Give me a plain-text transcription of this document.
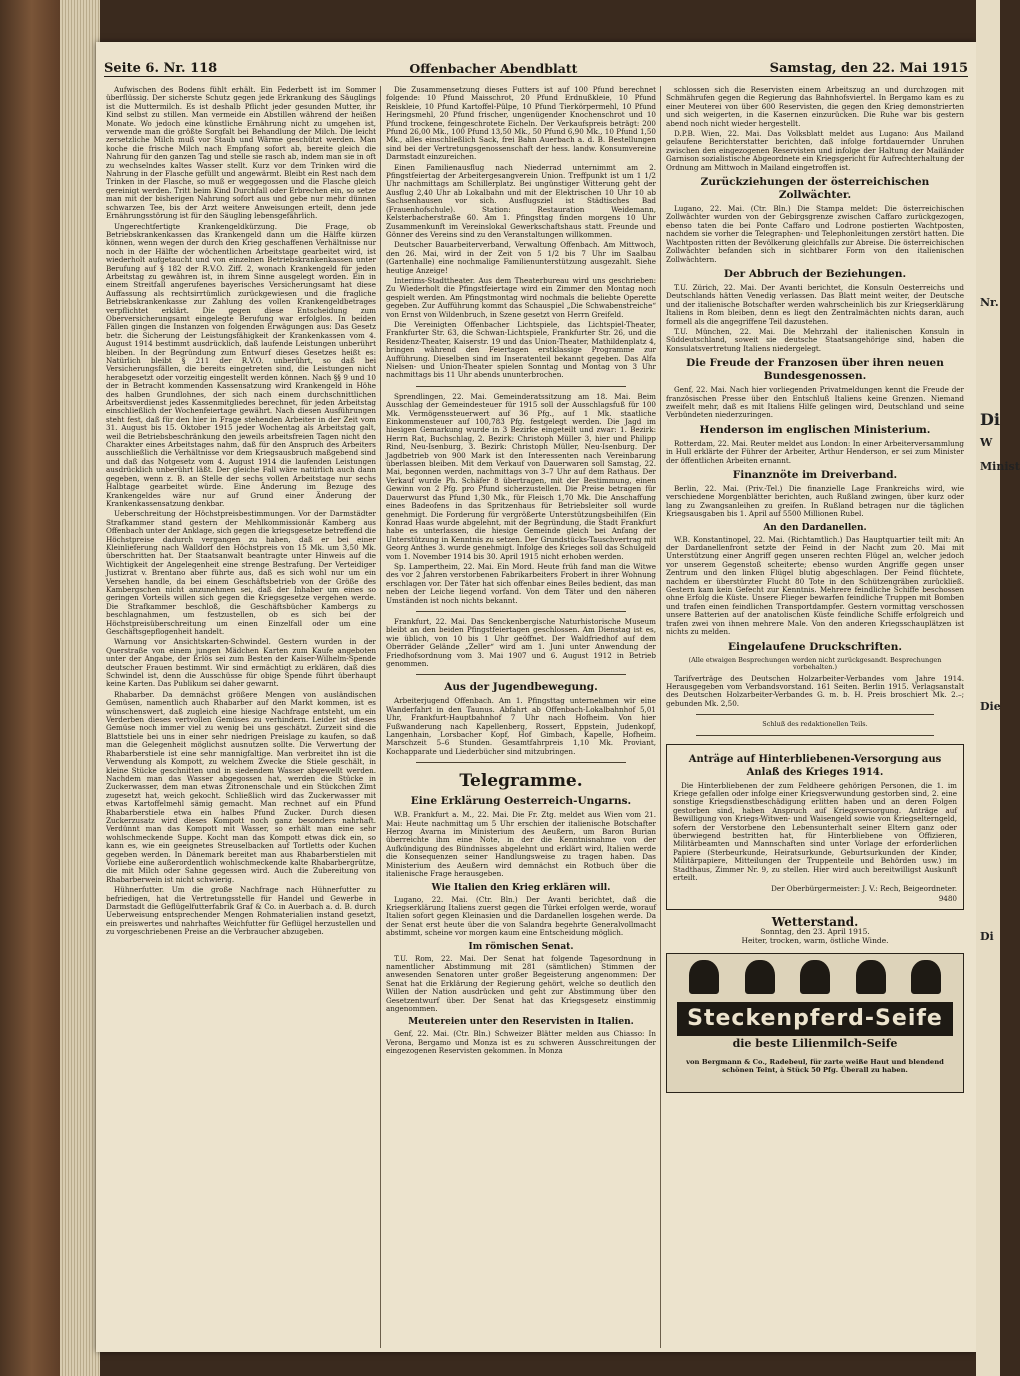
Seite 6. Nr. 118	Offenbacher Abendblatt	Samstag, den 22. Mai 1915

Aufwischen des Bodens fühlt erhält. Ein Federbett ist im Sommer überflüssig. Der sicherste Schutz gegen jede Erkrankung des Säuglings ist die Muttermilch. Es ist deshalb Pflicht jeder gesunden Mutter, ihr Kind selbst zu stillen. Man vermeide ein Abstillen während der heißen Monate. Wo jedoch eine künstliche Ernährung nicht zu umgehen ist, verwende man die größte Sorgfalt bei Behandlung der Milch. Die leicht zersetzliche Milch muß vor Staub und Wärme geschützt werden. Man koche die frische Milch nach Empfang sofort ab, bereite gleich die Nahrung für den ganzen Tag und stelle sie rasch ab, indem man sie in oft zu wechselndes kaltes Wasser stellt. Kurz vor dem Trinken wird die Nahrung in der Flasche gefüllt und angewärmt. Bleibt ein Rest nach dem Trinken in der Flasche, so muß er weggegossen und die Flasche gleich gereinigt werden. Tritt beim Kind Durchfall oder Erbrechen ein, so setze man mit der bisherigen Nahrung sofort aus und gebe nur mehr dünnen schwarzen Tee, bis der Arzt weitere Anweisungen erteilt, denn jede Ernährungsstörung ist für den Säugling lebensgefährlich.

Ungerechtfertigte Krankengeldkürzung. Die Frage, ob Betriebskrankenkassen das Krankengeld dann um die Hälfte kürzen können, wenn wegen der durch den Krieg geschaffenen Verhältnisse nur noch in der Hälfte der wöchentlichen Arbeitstage gearbeitet wird, ist wiederholt aufgetaucht und von einzelnen Betriebskrankenkassen unter Berufung auf § 182 der R.V.O. Ziff. 2, wonach Krankengeld für jeden Arbeitstag zu gewähren ist, in ihrem Sinne ausgelegt worden. Ein in einem Streitfall angerufenes bayerisches Versicherungsamt hat diese Auffassung als rechtsirrtümlich zurückgewiesen und die fragliche Betriebskrankenkasse zur Zahlung des vollen Krankengeldbetrages verpflichtet erklärt. Die gegen diese Entscheidung zum Oberversicherungsamt eingelegte Berufung war erfolglos. In beiden Fällen gingen die Instanzen von folgenden Erwägungen aus: Das Gesetz betr. die Sicherung der Leistungsfähigkeit der Krankenkassen vom 4. August 1914 bestimmt ausdrücklich, daß laufende Leistungen unberührt bleiben. In der Begründung zum Entwurf dieses Gesetzes heißt es: Natürlich bleibt § 211 der R.V.O. unberührt, so daß bei Versicherungsfällen, die bereits eingetreten sind, die Leistungen nicht herabgesetzt oder vorzeitig eingestellt werden können. Nach §§ 9 und 10 der in Betracht kommenden Kassensatzung wird Krankengeld in Höhe des halben Grundlohnes, der sich nach einem durchschnittlichen Arbeitsverdienst jedes Kassenmitgliedes berechnet, für jeden Arbeitstag einschließlich der Wochenfeiertage gewährt. Nach diesen Ausführungen steht fest, daß für den hier in Frage stehenden Arbeiter in der Zeit vom 31. August bis 15. Oktober 1915 jeder Wochentag als Arbeitstag galt, weil die Betriebsbeschränkung den jeweils arbeitsfreien Tagen nicht den Charakter eines Arbeitstages nahm, daß für den Anspruch des Arbeiters ausschließlich die Verhältnisse vor dem Kriegsausbruch maßgebend sind und daß das Notgesetz vom 4. August 1914 die laufenden Leistungen ausdrücklich unberührt läßt. Der gleiche Fall wäre natürlich auch dann gegeben, wenn z. B. an Stelle der sechs vollen Arbeitstage nur sechs Halbtage gearbeitet würde. Eine Änderung im Bezuge des Krankengeldes wäre nur auf Grund einer Änderung der Krankenkassensatzung denkbar.

Ueberschreitung der Höchstpreisbestimmungen. Vor der Darmstädter Strafkammer stand gestern der Mehlkommissionär Kamberg aus Offenbach unter der Anklage, sich gegen die kriegsgesetze betreffend die Höchstpreise dadurch vergangen zu haben, daß er bei einer Kleinlieferung nach Walldorf den Höchstpreis von 15 Mk. um 3,50 Mk. überschritten hat. Der Staatsanwalt beantragte unter Hinweis auf die Wichtigkeit der Angelegenheit eine strenge Bestrafung. Der Verteidiger Justizrat v. Brentano aber führte aus, daß es sich wohl nur um ein Versehen handle, da bei einem Geschäftsbetrieb von der Größe des Kambergschen nicht anzunehmen sei, daß der Inhaber um eines so geringen Vorteils willen sich gegen die Kriegsgesetze vergehen werde. Die Strafkammer beschloß, die Geschäftsbücher Kambergs zu beschlagnahmen, um festzustellen, ob es sich bei der Höchstpreisüberschreitung um einen Einzelfall oder um eine Geschäftsgepflogenheit handelt.

Warnung vor Ansichtskarten-Schwindel. Gestern wurden in der Querstraße von einem jungen Mädchen Karten zum Kaufe angeboten unter der Angabe, der Erlös sei zum Besten der Kaiser-Wilhelm-Spende deutscher Frauen bestimmt. Wir sind ermächtigt zu erklären, daß dies Schwindel ist, denn die Ausschüsse für obige Spende führt überhaupt keine Karten. Das Publikum sei daher gewarnt.

Rhabarber. Da demnächst größere Mengen von ausländischen Gemüsen, namentlich auch Rhabarber auf den Markt kommen, ist es wünschenswert, daß zugleich eine hiesige Nachfrage entsteht, um ein Verderben dieses vertvollen Gemüses zu verhindern. Leider ist dieses Gemüse noch immer viel zu wenig bei uns geschätzt. Zurzeit sind die Blattstiele bei uns in einer sehr niedrigen Preislage zu kaufen, so daß man die Gelegenheit möglichst ausnutzen sollte. Die Verwertung der Rhabarberstiele ist eine sehr mannigfaltige. Man verbreitet ihn ist die Verwendung als Kompott, zu welchem Zwecke die Stiele geschält, in kleine Stücke geschnitten und in siedendem Wasser abgewellt werden. Nachdem man das Wasser abgegossen hat, werden die Stücke in Zuckerwasser, dem man etwas Zitronenschale und ein Stückchen Zimt zugesetzt hat, weich gekocht. Schließlich wird das Zuckerwasser mit etwas Kartoffelmehl sämig gemacht. Man rechnet auf ein Pfund Rhabarberstiele etwa ein halbes Pfund Zucker. Durch diesen Zuckerzusatz wird dieses Kompott noch ganz besonders nahrhaft. Verdünnt man das Kompott mit Wasser, so erhält man eine sehr wohlschmeckende Suppe. Kocht man das Kompott etwas dick ein, so kann es, wie ein geeignetes Streuselbacken auf Tortletts oder Kuchen gegeben werden. In Dänemark bereitet man aus Rhabarberstielen mit Vorliebe eine außerordentlich wohlschmeckende kalte Rhabarbergrütze, die mit Milch oder Sahne gegessen wird. Auch die Zubereitung von Rhabarberwein ist nicht schwierig.

Hühnerfutter. Um die große Nachfrage nach Hühnerfutter zu befriedigen, hat die Vertretungsstelle für Handel und Gewerbe in Darmstadt die Geflügelfutterfabrik Graf & Co. in Auerbach a. d. B. durch Ueberweisung entsprechender Mengen Rohmaterialien instand gesetzt, ein preiswertes und nahrhaftes Weichfutter für Geflügel herzustellen und zu vorgeschriebenen Preise an die Verbraucher abzugeben.

Die Zusammensetzung dieses Futters ist auf 100 Pfund berechnet folgende: 10 Pfund Maisschrot, 20 Pfund Erdnußkleie, 10 Pfund Reiskleie, 10 Pfund Kartoffel-Pülpe, 10 Pfund Tierkörpermehl, 10 Pfund Heringsmehl, 20 Pfund frischer, ungenügender Knochenschrot und 10 Pfund trockene, feingeschrotete Eicheln. Der Verkaufspreis beträgt: 200 Pfund 26,00 Mk., 100 Pfund 13,50 Mk., 50 Pfund 6,90 Mk., 10 Pfund 1,50 Mk., alles einschließlich Sack, frei Bahn Auerbach a. d. B. Bestellungen sind bei der Vertretungsgenossenschaft der hess. landw. Konsumvereine Darmstadt einzureichen.

Einen Familienausflug nach Niederrad unternimmt am 2. Pfingstfeiertag der Arbeitergesangverein Union. Treffpunkt ist um 1 1/2 Uhr nachmittags am Schillerplatz. Bei ungünstiger Witterung geht der Ausflug 2,40 Uhr ab Lokalbahn und mit der Elektrischen 10 Uhr 10 ab Sachsenhausen vor sich. Ausflugsziel ist Städtisches Bad (Frauenhofschule). Station: Restauration Weidemann, Kelsterbacherstraße 60. Am 1. Pfingsttag finden morgens 10 Uhr Zusammenkunft im Vereinslokal Gewerkschaftshaus statt. Freunde und Gönner des Vereins sind zu den Veranstaltungen willkommen.

Deutscher Bauarbeiterverband, Verwaltung Offenbach. Am Mittwoch, den 26. Mai, wird in der Zeit von 5 1/2 bis 7 Uhr im Saalbau (Gartenhalle) eine nochmalige Familienunterstützung ausgezahlt. Siehe heutige Anzeige!

Interims-Stadttheater. Aus dem Theaterbureau wird uns geschrieben: Zu Wiederholt die Pfingstfeiertage wird ein Zimmer den Montag noch gespielt werden. Am Pfingstmontag wird nochmals die beliebte Operette gegeben. Zur Aufführung kommt das Schauspiel „Die Schwabenstreiche“ von Ernst von Wildenbruch, in Szene gesetzt von Herrn Greifeld.

Die Vereinigten Offenbacher Lichtspiele, das Lichtspiel-Theater, Frankfurter Str. 63, die Schwan-Lichtspiele, Frankfurter Str. 26, und die Residenz-Theater, Kaiserstr. 19 und das Union-Theater, Mathildenplatz 4, bringen während den Feiertagen erstklassige Programme zur Aufführung. Dieselben sind im Inseratenteil bekannt gegeben. Das Alfa Nielsen- und Union-Theater spielen Sonntag und Montag von 3 Uhr nachmittags bis 11 Uhr abends ununterbrochen.

Sprendlingen, 22. Mai. Gemeinderatssitzung am 18. Mai. Beim Ausschlag der Gemeindesteuer für 1915 soll der Ausschlagsfuß für 100 Mk. Vermögenssteuerwert auf 36 Pfg., auf 1 Mk. staatliche Einkommensteuer auf 100,783 Pfg. festgelegt werden. Die Jagd im hiesigen Gemarkung wurde in 3 Bezirke eingeteilt und zwar: 1. Bezirk: Herrn Rat, Buchschlag, 2. Bezirk: Christoph Müller 3, hier und Philipp Rind, Neu-Isenburg, 3. Bezirk: Christoph Müller, Neu-Isenburg. Der Jagdbetrieb von 900 Mark ist den Interessenten nach Vereinbarung überlassen bleiben. Mit dem Verkauf von Dauerwaren soll Samstag, 22. Mai, begonnen werden, nachmittags von 3–7 Uhr auf dem Rathaus. Der Verkauf wurde Ph. Schäfer 8 übertragen, mit der Bestimmung, einen Gewinn von 2 Pfg. pro Pfund sicherzustellen. Die Preise betragen für Dauerwurst das Pfund 1,30 Mk., für Fleisch 1,70 Mk. Die Anschaffung eines Badeofens in das Spritzenhaus für Betriebsleiter soll wurde genehmigt. Die Forderung für vergrößerte Unterstützungsbeihilfen (Ein Konrad Haas wurde abgelehnt, mit der Begründung, die Stadt Frankfurt habe es unterlassen, die hiesige Gemeinde gleich bei Anfang der Unterstützung in Kenntnis zu setzen. Der Grundstücks-Tauschvertrag mit Georg Anthes 3. wurde genehmigt. Infolge des Krieges soll das Schulgeld vom 1. November 1914 bis 30. April 1915 nicht erhoben werden.

Sp. Lampertheim, 22. Mai. Ein Mord. Heute früh fand man die Witwe des vor 2 Jahren verstorbenen Fabrikarbeiters Frobert in ihrer Wohnung erschlagen vor. Der Täter hat sich offenbar eines Beiles bedient, das man neben der Leiche liegend vorfand. Von dem Täter und den näheren Umständen ist noch nichts bekannt.

Frankfurt, 22. Mai. Das Senckenbergische Naturhistorische Museum bleibt an den beiden Pfingstfeiertagen geschlossen. Am Dienstag ist es, wie üblich, von 10 bis 1 Uhr geöffnet. Der Waldfriedhof auf dem Oberräder Gelände „Zeller“ wird am 1. Juni unter Anwendung der Friedhofsordnung vom 3. Mai 1907 und 6. August 1912 in Betrieb genommen.

Aus der Jugendbewegung.

Arbeiterjugend Offenbach. Am 1. Pfingsttag unternehmen wir eine Wanderfahrt in den Taunus. Abfahrt ab Offenbach-Lokalbahnhof 5,01 Uhr, Frankfurt-Hauptbahnhof 7 Uhr nach Hofheim. Von hier Fußwanderung nach Kapellenberg, Rossert, Eppstein, Judenkopf, Langenhain, Lorsbacher Kopf, Hof Gimbach, Kapelle, Hofheim. Marschzeit 5–6 Stunden. Gesamtfahrpreis 1,10 Mk. Proviant, Kochapparate und Liederbücher sind mitzubringen.

Telegramme.
Eine Erklärung Oesterreich-Ungarns.

W.B. Frankfurt a. M., 22. Mai. Die Fr. Ztg. meldet aus Wien vom 21. Mai: Heute nachmittag um 5 Uhr erschien der italienische Botschafter Herzog Avarna im Ministerium des Aeußern, um Baron Burian überreichte ihm eine Note, in der die Kenntnisnahme von der Aufkündigung des Bündnisses abgelehnt und erklärt wird, Italien werde die Konsequenzen seiner Handlungsweise zu tragen haben. Das Ministerium des Aeußern wird demnächst ein Rotbuch über die italienische Frage herausgeben.

Wie Italien den Krieg erklären will.

Lugano, 22. Mai. (Ctr. Bln.) Der Avanti berichtet, daß die Kriegserklärung Italiens zuerst gegen die Türkei erfolgen werde, worauf Italien sofort gegen Kleinasien und die Dardanellen losgehen werde. Da der Senat erst heute über die von Salandra begehrte Generalvollmacht abstimmt, scheine vor morgen kaum eine Entscheidung möglich.

Im römischen Senat.

T.U. Rom, 22. Mai. Der Senat hat folgende Tagesordnung in namentlicher Abstimmung mit 281 (sämtlichen) Stimmen der anwesenden Senatoren unter großer Begeisterung angenommen: Der Senat hat die Erklärung der Regierung gehört, welche so deutlich den Willen der Nation ausdrücken und geht zur Abstimmung über den Gesetzentwurf über. Der Senat hat das Kriegsgesetz einstimmig angenommen.

Meutereien unter den Reservisten in Italien.

Genf, 22. Mai. (Ctr. Bln.) Schweizer Blätter melden aus Chiasso: In Verona, Bergamo und Monza ist es zu schweren Ausschreitungen der eingezogenen Reservisten gekommen. In Monza

schlossen sich die Reservisten einem Arbeitszug an und durchzogen mit Schmährufen gegen die Regierung das Bahnhofsviertel. In Bergamo kam es zu einer Meuterei von über 600 Reservisten, die gegen den Krieg demonstrierten und sich weigerten, in die Kasernen einzurücken. Die Ruhe war bis gestern abend noch nicht wieder hergestellt.

D.P.B. Wien, 22. Mai. Das Volksblatt meldet aus Lugano: Aus Mailand gelaufene Berichterstatter berichten, daß infolge fortdauernder Unruhen zwischen den eingezogenen Reservisten und infolge der Haltung der Mailänder Garnison sozialistische Abgeordnete ein Kriegsgericht für Aufrechterhaltung der Ordnung am Mittwoch in Mailand eingetroffen ist.

Zurückziehungen der österreichischen Zollwächter.

Lugano, 22. Mai. (Ctr. Bln.) Die Stampa meldet: Die österreichischen Zollwächter wurden von der Gebirgsgrenze zwischen Caffaro zurückgezogen, ebenso taten die bei Ponte Caffaro und Lodrone postierten Wachtposten, nachdem sie vorher die Telegraphen- und Telephonleitungen zerstört hatten. Die Wachtposten ritten der Bevölkerung gleichfalls zur Abreise. Die österreichischen Zollwächter befanden sich in sichtbarer Form von den italienischen Zollwächtern.

Der Abbruch der Beziehungen.

T.U. Zürich, 22. Mai. Der Avanti berichtet, die Konsuln Oesterreichs und Deutschlands hätten Venedig verlassen. Das Blatt meint weiter, der Deutsche und der italienische Botschafter werden wahrscheinlich bis zur Kriegserklärung Italiens in Rom bleiben, denn es liegt den Zentralmächten nichts daran, auch formell als die angegriffene Teil dazustehen.

T.U. München, 22. Mai. Die Mehrzahl der italienischen Konsuln in Süddeutschland, soweit sie deutsche Staatsangehörige sind, haben die Konsulatsvertretung Italiens niedergelegt.

Die Freude der Franzosen über ihren neuen Bundesgenossen.

Genf, 22. Mai. Nach hier vorliegenden Privatmeldungen kennt die Freude der französischen Presse über den Entschluß Italiens keine Grenzen. Niemand zweifelt mehr, daß es mit Italiens Hilfe gelingen wird, Deutschland und seine Verbündeten niederzuringen.

Henderson im englischen Ministerium.

Rotterdam, 22. Mai. Reuter meldet aus London: In einer Arbeiterversammlung in Hull erklärte der Führer der Arbeiter, Arthur Henderson, er sei zum Minister der öffentlichen Arbeiten ernannt.

Finanznöte im Dreiverband.

Berlin, 22. Mai. (Priv.-Tel.) Die finanzielle Lage Frankreichs wird, wie verschiedene Morgenblätter berichten, auch Rußland zwingen, über kurz oder lang zu Zwangsanleihen zu greifen. In Rußland betragen nur die täglichen Kriegsausgaben bis 1. April auf 5500 Millionen Rubel.

An den Dardanellen.

W.B. Konstantinopel, 22. Mai. (Richtamtlich.) Das Hauptquartier teilt mit: An der Dardanellenfront setzte der Feind in der Nacht zum 20. Mai mit Unterstützung einer Angriff gegen unseren rechten Flügel an, welcher jedoch vor unserem Gegenstoß scheiterte; ebenso wurden Angriffe gegen unser Zentrum und den linken Flügel blutig abgeschlagen. Der Feind flüchtete, nachdem er überstürzter Flucht 80 Tote in den Schützengräben zurückließ. Gestern kam kein Gefecht zur Kenntnis. Mehrere feindliche Schiffe beschossen ohne Erfolg die Küste. Unsere Flieger bewarfen feindliche Truppen mit Bomben und trafen einen feindlichen Transportdampfer. Gestern vormittag verschossen unsere Batterien auf der anatolischen Küste feindliche Schiffe erfolgreich und trafen zwei von ihnen mehrere Male. Von den anderen Kriegsschauplätzen ist nichts zu melden.

Eingelaufene Druckschriften.
(Alle etwaigen Besprechungen werden nicht zurückgesandt. Besprechungen vorbehalten.)

Tarifverträge des Deutschen Holzarbeiter-Verbandes vom Jahre 1914. Herausgegeben vom Verbandsvorstand. 161 Seiten. Berlin 1915. Verlagsanstalt des Deutschen Holzarbeiter-Verbandes G. m. b. H. Preis broschiert Mk. 2.–; gebunden Mk. 2,50.

Schluß des redaktionellen Teils.
Anträge auf Hinterbliebenen-Versorgung aus Anlaß des Krieges 1914.

Die Hinterbliebenen der zum Feldheere gehörigen Personen, die 1. im Kriege gefallen oder infolge einer Kriegsverwundung gestorben sind, 2. eine sonstige Kriegsdienstbeschädigung erlitten haben und an deren Folgen gestorben sind, haben Anspruch auf Kriegsversorgung. Anträge auf Bewilligung von Kriegs-Witwen- und Waisengeld sowie von Kriegselterngeld, sofern der Verstorbene den Lebensunterhalt seiner Eltern ganz oder überwiegend bestritten hat, für Hinterbliebene von Offizieren, Militärbeamten und Mannschaften sind unter Vorlage der erforderlichen Papiere (Sterbeurkunde, Heiratsurkunde, Geburtsurkunden der Kinder, Militärpapiere, Mitteilungen der Truppenteile und Behörden usw.) im Stadthaus, Zimmer Nr. 9, zu stellen. Hier wird auch bereitwilligst Auskunft erteilt.

Der Oberbürgermeister: J. V.: Rech, Beigeordneter.

9480

Wetterstand.
Sonntag, den 23. April 1915.
Heiter, trocken, warm, östliche Winde.
Steckenpferd-Seife
die beste Lilienmilch-Seife
von Bergmann & Co., Radebeul, für zarte weiße Haut und blendend schönen Teint, à Stück 50 Pfg. Überall zu haben.
Nr.
Di
W
Minist
Die
Di
